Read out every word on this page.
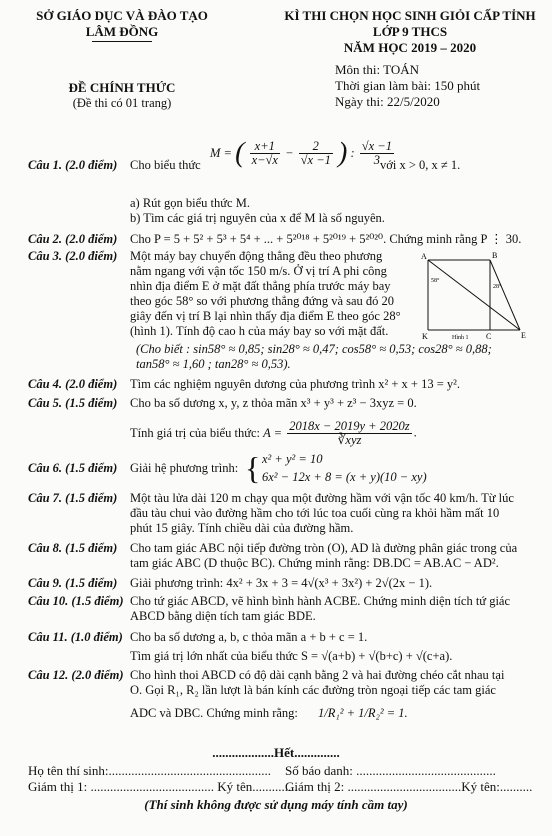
SỞ GIÁO DỤC VÀ ĐÀO TẠO
LÂM ĐỒNG
ĐỀ CHÍNH THỨC
(Đề thi có 01 trang)
KÌ THI CHỌN HỌC SINH GIỎI CẤP TỈNH
LỚP 9 THCS
NĂM HỌC 2019 – 2020
Môn thi: TOÁN
Thời gian làm bài: 150 phút
Ngày thi: 22/5/2020
Câu 1. (2.0 điểm) Cho biểu thức
M = ( $\frac{x+1}{x-√x} - \frac{2}{√x -1}$ ) : $\frac{√x -1}{3}$
với x > 0, x ≠ 1.
a) Rút gọn biểu thức M.
b) Tìm các giá trị nguyên của x để M là số nguyên.
Câu 2. (2.0 điểm) Cho P = 5 + 5² + 5³ + 5⁴ + ... + 5²⁰¹⁸ + 5²⁰¹⁹ + 5²⁰²⁰. Chứng minh rằng P ⋮ 30.
Câu 3. (2.0 điểm) Một máy bay chuyển động thẳng đều theo phương
nằm ngang với vận tốc 150 m/s. Ở vị trí A phi công
nhìn địa điểm E ở mặt đất thẳng phía trước máy bay
theo góc 58° so với phương thẳng đứng và sau đó 20
giây đến vị trí B lại nhìn thấy địa điểm E theo góc 28°
(hình 1). Tính độ cao h của máy bay so với mặt đất.
(Cho biết : sin58° ≈ 0,85; sin28° ≈ 0,47; cos58° ≈ 0,53; cos28° ≈ 0,88;
tan58° ≈ 1,60 ; tan28° ≈ 0,53).
A	B
K	C	E
58°
28°
Hình 1
Câu 4. (2.0 điểm) Tìm các nghiệm nguyên dương của phương trình x² + x + 13 = y².
Câu 5. (1.5 điểm) Cho ba số dương x, y, z thỏa mãn x³ + y³ + z³ − 3xyz = 0.
Tính giá trị của biểu thức: $A = \frac{2018x - 2019y + 2020z}{\text{∛xyz}}$ .
Câu 6. (1.5 điểm) Giải hệ phương trình: { x² + y² = 10
6x² − 12x + 8 = (x + y)(10 − xy)
Câu 7. (1.5 điểm) Một tàu lửa dài 120 m chạy qua một đường hầm với vận tốc 40 km/h. Từ lúc
đầu tàu chui vào đường hầm cho tới lúc toa cuối cùng ra khỏi hầm mất 10
phút 15 giây. Tính chiều dài của đường hầm.
Câu 8. (1.5 điểm) Cho tam giác ABC nội tiếp đường tròn (O), AD là đường phân giác trong của
tam giác ABC (D thuộc BC). Chứng minh rằng: DB.DC = AB.AC − AD².
Câu 9. (1.5 điểm) Giải phương trình: 4x² + 3x + 3 = 4√(x³ + 3x²) + 2√(2x − 1).
Câu 10. (1.5 điểm) Cho tứ giác ABCD, vẽ hình bình hành ACBE. Chứng minh diện tích tứ giác
ABCD bằng diện tích tam giác BDE.
Câu 11. (1.0 điểm) Cho ba số dương a, b, c thỏa mãn a + b + c = 1.
Tìm giá trị lớn nhất của biểu thức S = √(a+b) + √(b+c) + √(c+a).
Câu 12. (2.0 điểm) Cho hình thoi ABCD có độ dài cạnh bằng 2 và hai đường chéo cắt nhau tại
O. Gọi R₁, R₂ lần lượt là bán kính các đường tròn ngoại tiếp các tam giác
ADC và DBC. Chứng minh rằng: 1/R₁² + 1/R₂² = 1.
...................Hết..............
Họ tên thí sinh:.................................................. Số báo danh: ...........................................
Giám thị 1: ...................................... Ký tên..............
Giám thị 2: ...................................Ký tên:..........
(Thí sinh không được sử dụng máy tính cầm tay)
